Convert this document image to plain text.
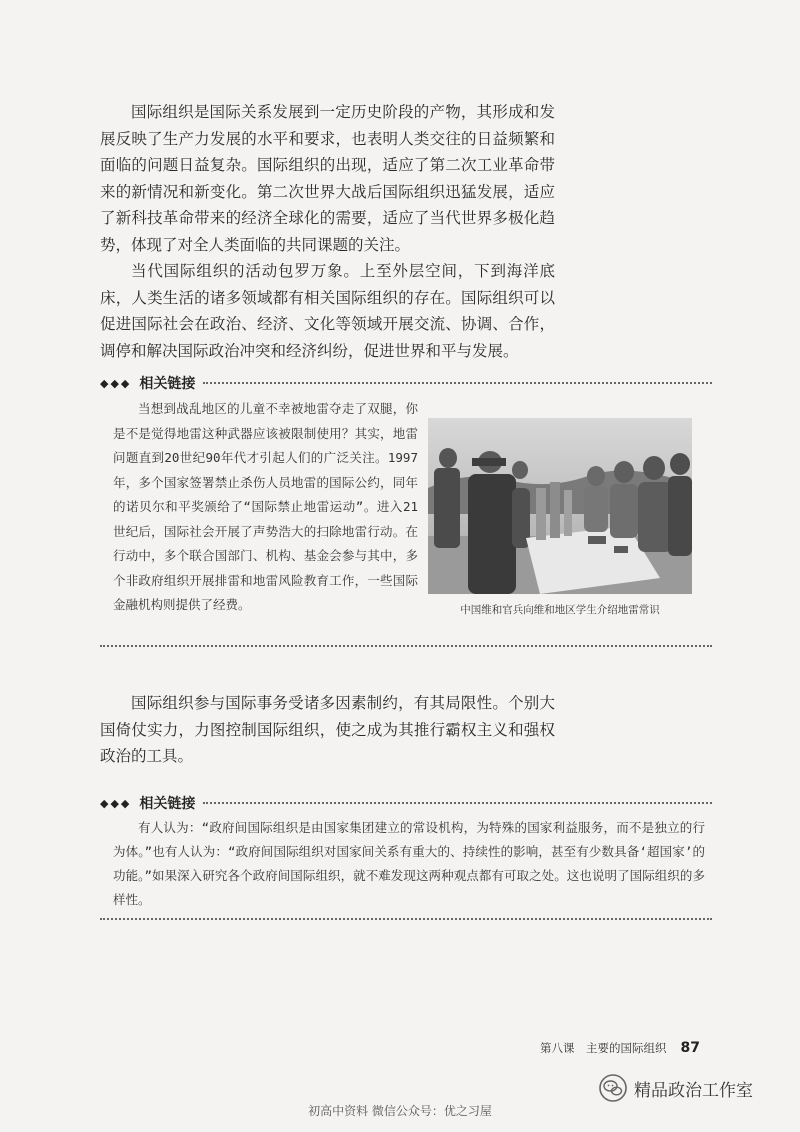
国际组织是国际关系发展到一定历史阶段的产物，其形成和发展反映了生产力发展的水平和要求，也表明人类交往的日益频繁和面临的问题日益复杂。国际组织的出现，适应了第二次工业革命带来的新情况和新变化。第二次世界大战后国际组织迅猛发展，适应了新科技革命带来的经济全球化的需要，适应了当代世界多极化趋势，体现了对全人类面临的共同课题的关注。

当代国际组织的活动包罗万象。上至外层空间，下到海洋底床，人类生活的诸多领域都有相关国际组织的存在。国际组织可以促进国际社会在政治、经济、文化等领域开展交流、协调、合作，调停和解决国际政治冲突和经济纠纷，促进世界和平与发展。

◆◆◆ 相关链接

当想到战乱地区的儿童不幸被地雷夺走了双腿，你是不是觉得地雷这种武器应该被限制使用？其实，地雷问题直到20世纪90年代才引起人们的广泛关注。1997年，多个国家签署禁止杀伤人员地雷的国际公约，同年的诺贝尔和平奖颁给了“国际禁止地雷运动”。进入21世纪后，国际社会开展了声势浩大的扫除地雷行动。在行动中，多个联合国部门、机构、基金会参与其中，多个非政府组织开展排雷和地雷风险教育工作，一些国际金融机构则提供了经费。	中国维和官兵向维和地区学生介绍地雷常识

国际组织参与国际事务受诸多因素制约，有其局限性。个别大国倚仗实力，力图控制国际组织，使之成为其推行霸权主义和强权政治的工具。

◆◆◆ 相关链接

有人认为：“政府间国际组织是由国家集团建立的常设机构，为特殊的国家利益服务，而不是独立的行为体。”也有人认为：“政府间国际组织对国家间关系有重大的、持续性的影响，甚至有少数具备‘超国家’的功能。”如果深入研究各个政府间国际组织，就不难发现这两种观点都有可取之处。这也说明了国际组织的多样性。

第八课　主要的国际组织 87
精品政治工作室
初高中资料 微信公众号：优之习屋
